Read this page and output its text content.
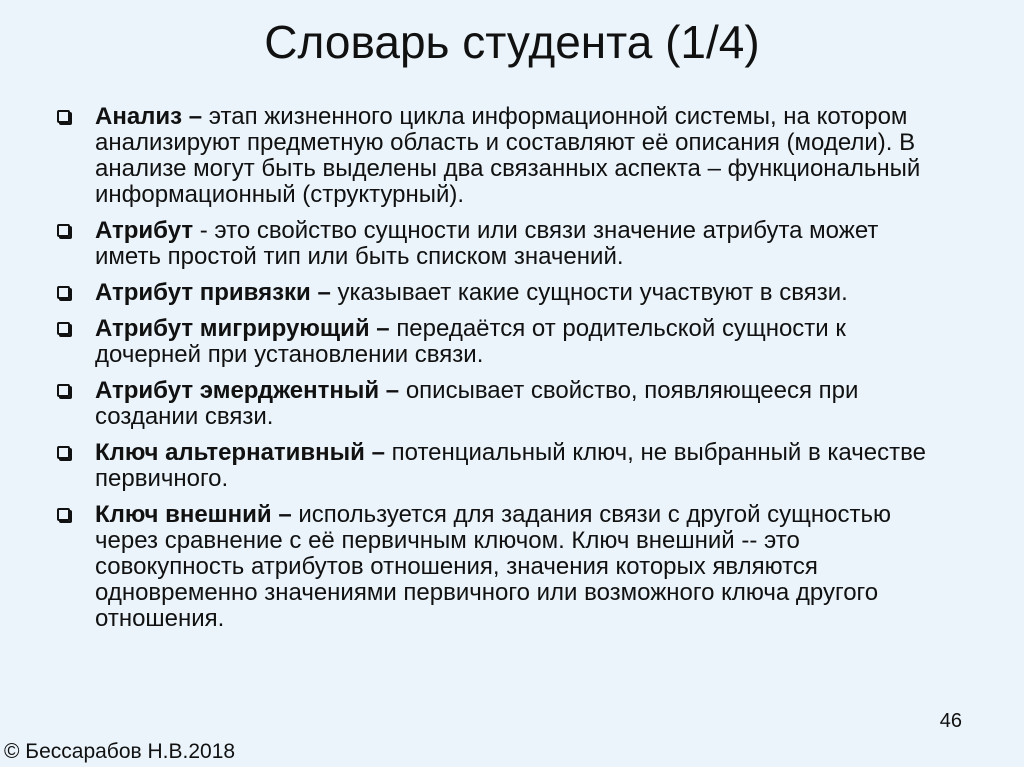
Словарь студента (1/4)
Анализ – этап жизненного цикла информационной системы, на котором анализируют предметную область и составляют её описания (модели). В анализе могут быть выделены два связанных аспекта – функциональный информационный (структурный).
Атрибут - это свойство сущности или связи значение атрибута может иметь простой тип или быть списком значений.
Атрибут привязки – указывает какие сущности участвуют в связи.
Атрибут мигрирующий – передаётся от родительской сущности к дочерней при установлении связи.
Атрибут эмерджентный – описывает свойство, появляющееся при создании связи.
Ключ альтернативный – потенциальный ключ, не выбранный в качестве первичного.
Ключ внешний – используется для задания связи с другой сущностью через сравнение с её первичным ключом. Ключ внешний -- это совокупность атрибутов отношения, значения которых являются одновременно значениями первичного или возможного ключа другого отношения.
46
© Бессарабов Н.В.2018
